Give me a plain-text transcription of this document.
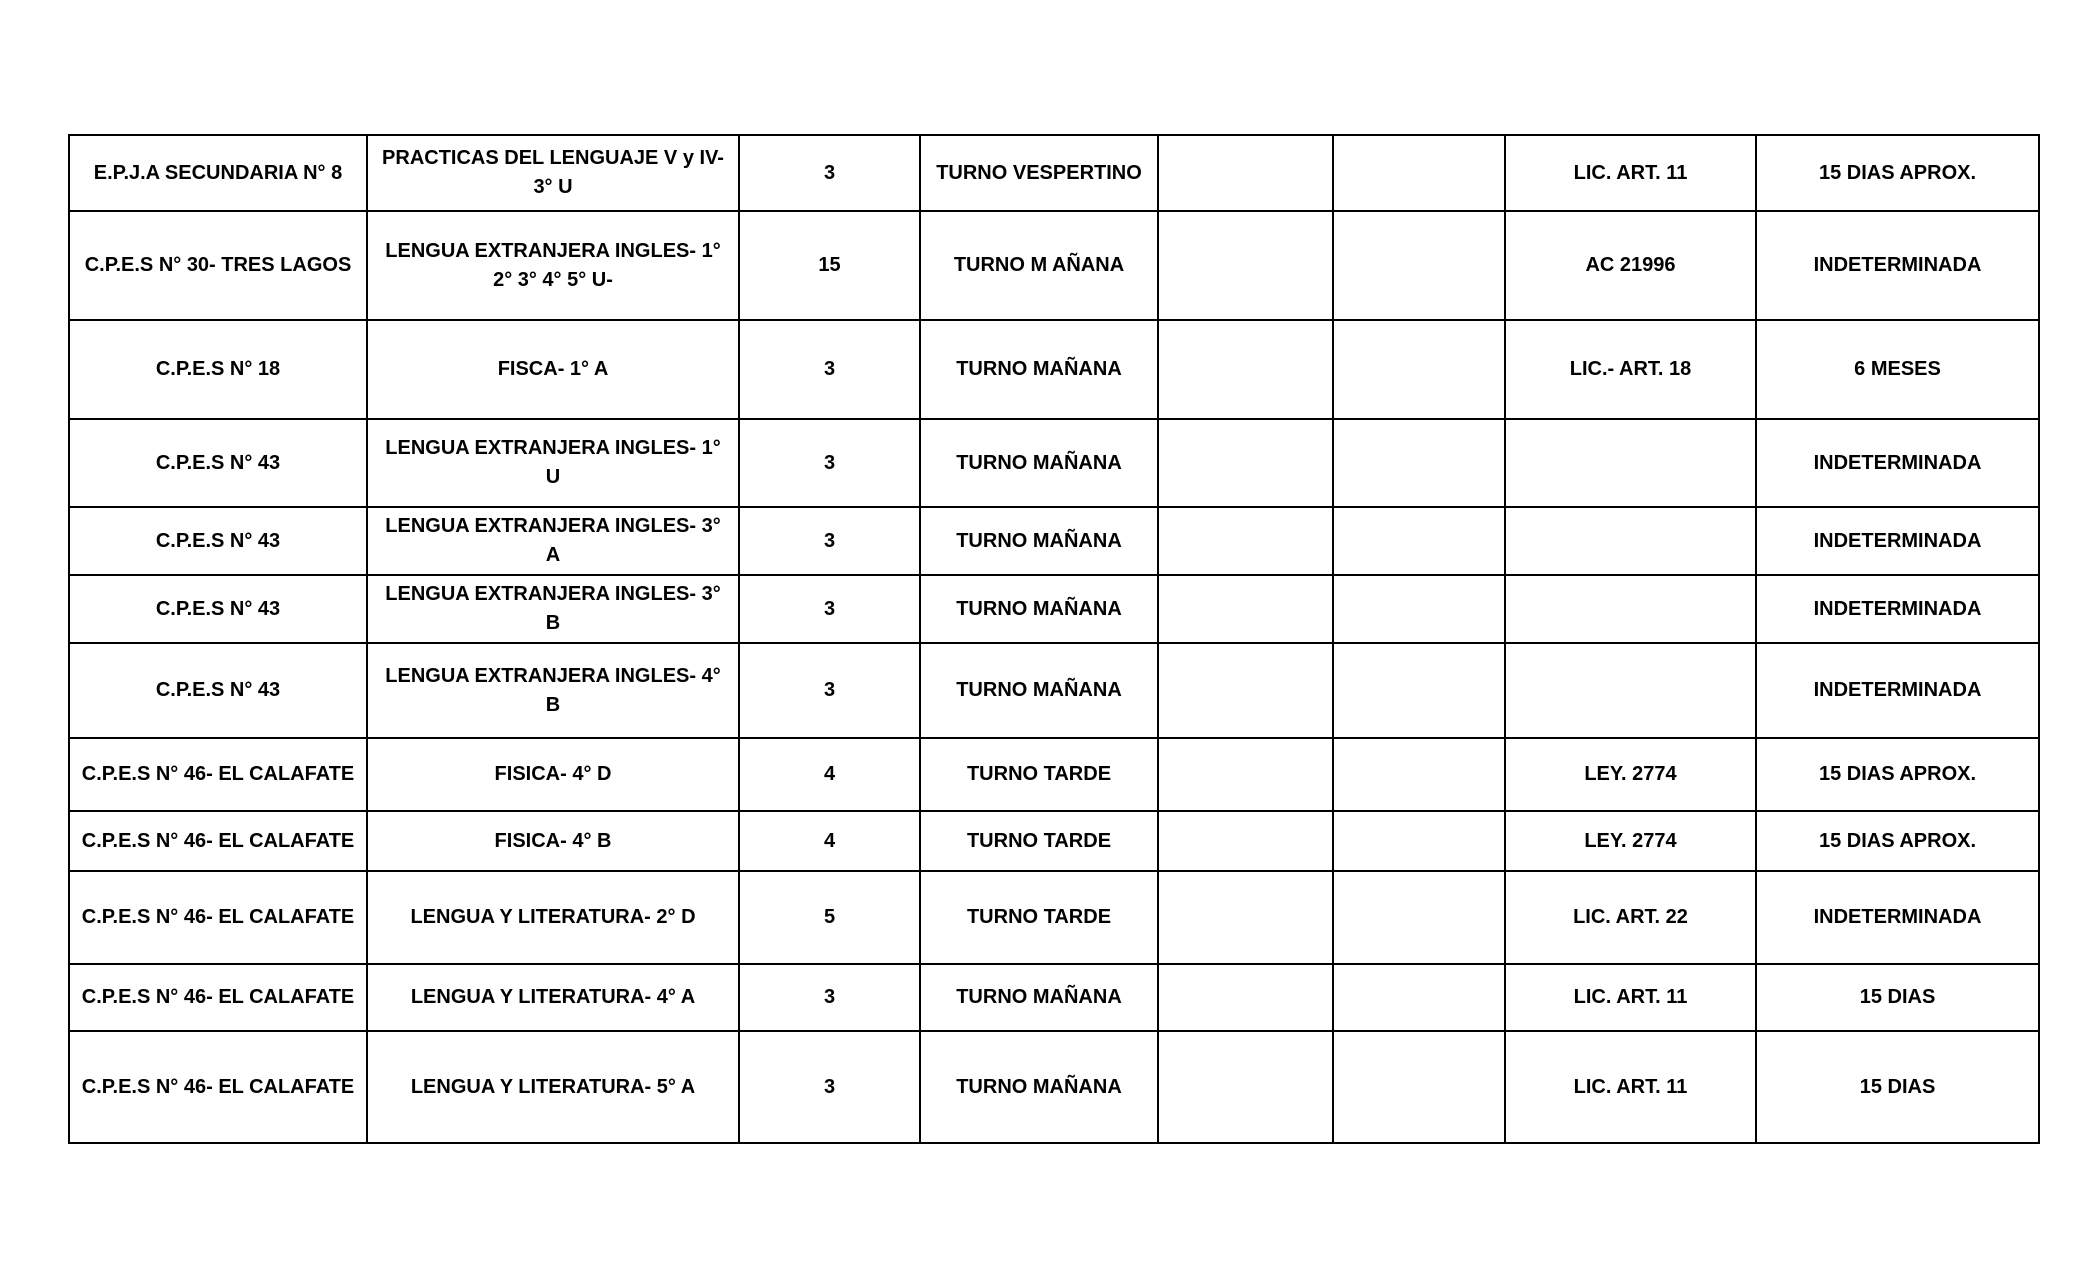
E.P.J.A SECUNDARIA N° 8	PRACTICAS DEL LENGUAJE V y IV- 3° U	3	TURNO VESPERTINO			LIC. ART. 11	15 DIAS APROX.
C.P.E.S N° 30- TRES LAGOS	LENGUA EXTRANJERA INGLES- 1° 2° 3° 4° 5° U-	15	TURNO M AÑANA			AC 21996	INDETERMINADA
C.P.E.S N° 18	FISCA- 1° A	3	TURNO MAÑANA			LIC.- ART. 18	6 MESES
C.P.E.S N° 43	LENGUA EXTRANJERA INGLES- 1° U	3	TURNO MAÑANA				INDETERMINADA
C.P.E.S N° 43	LENGUA EXTRANJERA INGLES- 3° A	3	TURNO MAÑANA				INDETERMINADA
C.P.E.S N° 43	LENGUA EXTRANJERA INGLES- 3° B	3	TURNO MAÑANA				INDETERMINADA
C.P.E.S N° 43	LENGUA EXTRANJERA INGLES- 4° B	3	TURNO MAÑANA				INDETERMINADA
C.P.E.S N° 46- EL CALAFATE	FISICA- 4° D	4	TURNO TARDE			LEY. 2774	15 DIAS APROX.
C.P.E.S N° 46- EL CALAFATE	FISICA- 4° B	4	TURNO TARDE			LEY. 2774	15 DIAS APROX.
C.P.E.S N° 46- EL CALAFATE	LENGUA Y LITERATURA- 2° D	5	TURNO TARDE			LIC. ART. 22	INDETERMINADA
C.P.E.S N° 46- EL CALAFATE	LENGUA Y LITERATURA- 4° A	3	TURNO MAÑANA			LIC. ART. 11	15 DIAS
C.P.E.S N° 46- EL CALAFATE	LENGUA Y LITERATURA- 5° A	3	TURNO MAÑANA			LIC. ART. 11	15 DIAS
